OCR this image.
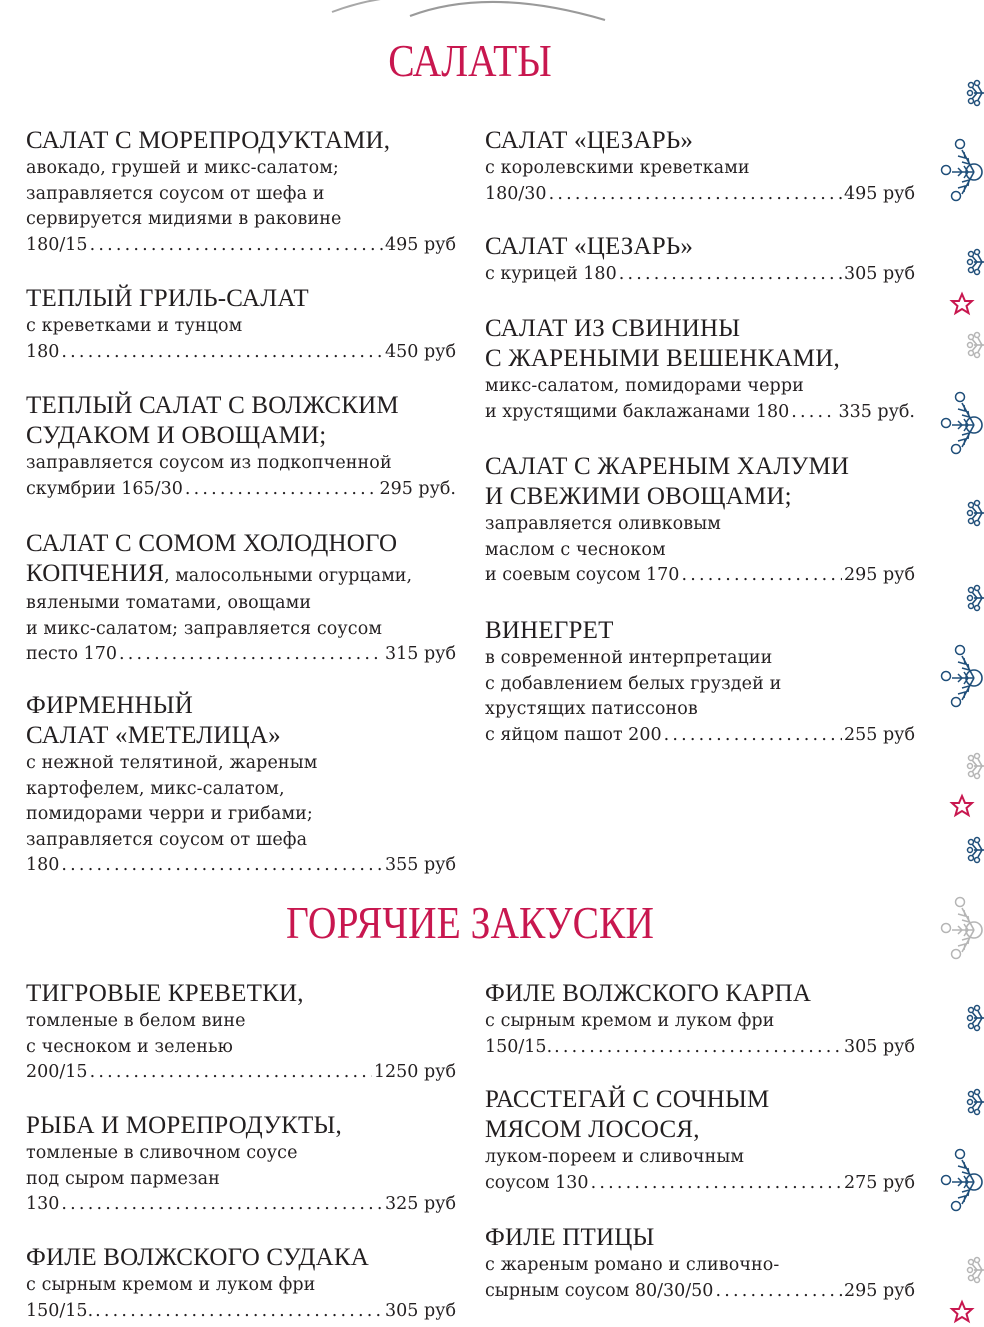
САЛАТЫ
САЛАТ С МОРЕПРОДУКТАМИ,
авокадо, грушей и микс-салатом;
заправляется соусом от шефа и
сервируется мидиями в раковине
180/15 .....	495 руб
ТЕПЛЫЙ ГРИЛЬ-САЛАТ
с креветками и тунцом
180 .....	450 руб
ТЕПЛЫЙ САЛАТ С ВОЛЖСКИМ
СУДАКОМ И ОВОЩАМИ;
заправляется соусом из подкопченной
скумбрии 165/30 .....	295 руб.
САЛАТ С СОМОМ ХОЛОДНОГО
КОПЧЕНИЯ, малосольными огурцами,
вялеными томатами, овощами
и микс-салатом; заправляется соусом
песто 170 .....	315 руб
ФИРМЕННЫЙ
САЛАТ «МЕТЕЛИЦА»
с нежной телятиной, жареным
картофелем, микс-салатом,
помидорами черри и грибами;
заправляется соусом от шефа
180 .....	355 руб
САЛАТ «ЦЕЗАРЬ»
с королевскими креветками
180/30 .....	495 руб
САЛАТ «ЦЕЗАРЬ»
с курицей 180 .....	305 руб
САЛАТ ИЗ СВИНИНЫ
С ЖАРЕНЫМИ ВЕШЕНКАМИ,
микс-салатом, помидорами черри
и хрустящими баклажанами 180 .....	335 руб.
САЛАТ С ЖАРЕНЫМ ХАЛУМИ
И СВЕЖИМИ ОВОЩАМИ;
заправляется оливковым
маслом с чесноком
и соевым соусом 170 .....	295 руб
ВИНЕГРЕТ
в современной интерпретации
с добавлением белых груздей и
хрустящих патиссонов
с яйцом пашот 200 .....	255 руб
ГОРЯЧИЕ ЗАКУСКИ
ТИГРОВЫЕ КРЕВЕТКИ,
томленые в белом вине
с чесноком и зеленью
200/15 .....	1250 руб
РЫБА И МОРЕПРОДУКТЫ,
томленые в сливочном соусе
под сыром пармезан
130 .....	325 руб
ФИЛЕ ВОЛЖСКОГО СУДАКА
с сырным кремом и луком фри
150/15. .....	305 руб
ФИЛЕ ВОЛЖСКОГО КАРПА
с сырным кремом и луком фри
150/15. .....	305 руб
РАССТЕГАЙ С СОЧНЫМ
МЯСОМ ЛОСОСЯ,
луком-пореем и сливочным
соусом 130 .....	275 руб
ФИЛЕ ПТИЦЫ
с жареным романо и сливочно-
сырным соусом 80/30/50 .....	295 руб
